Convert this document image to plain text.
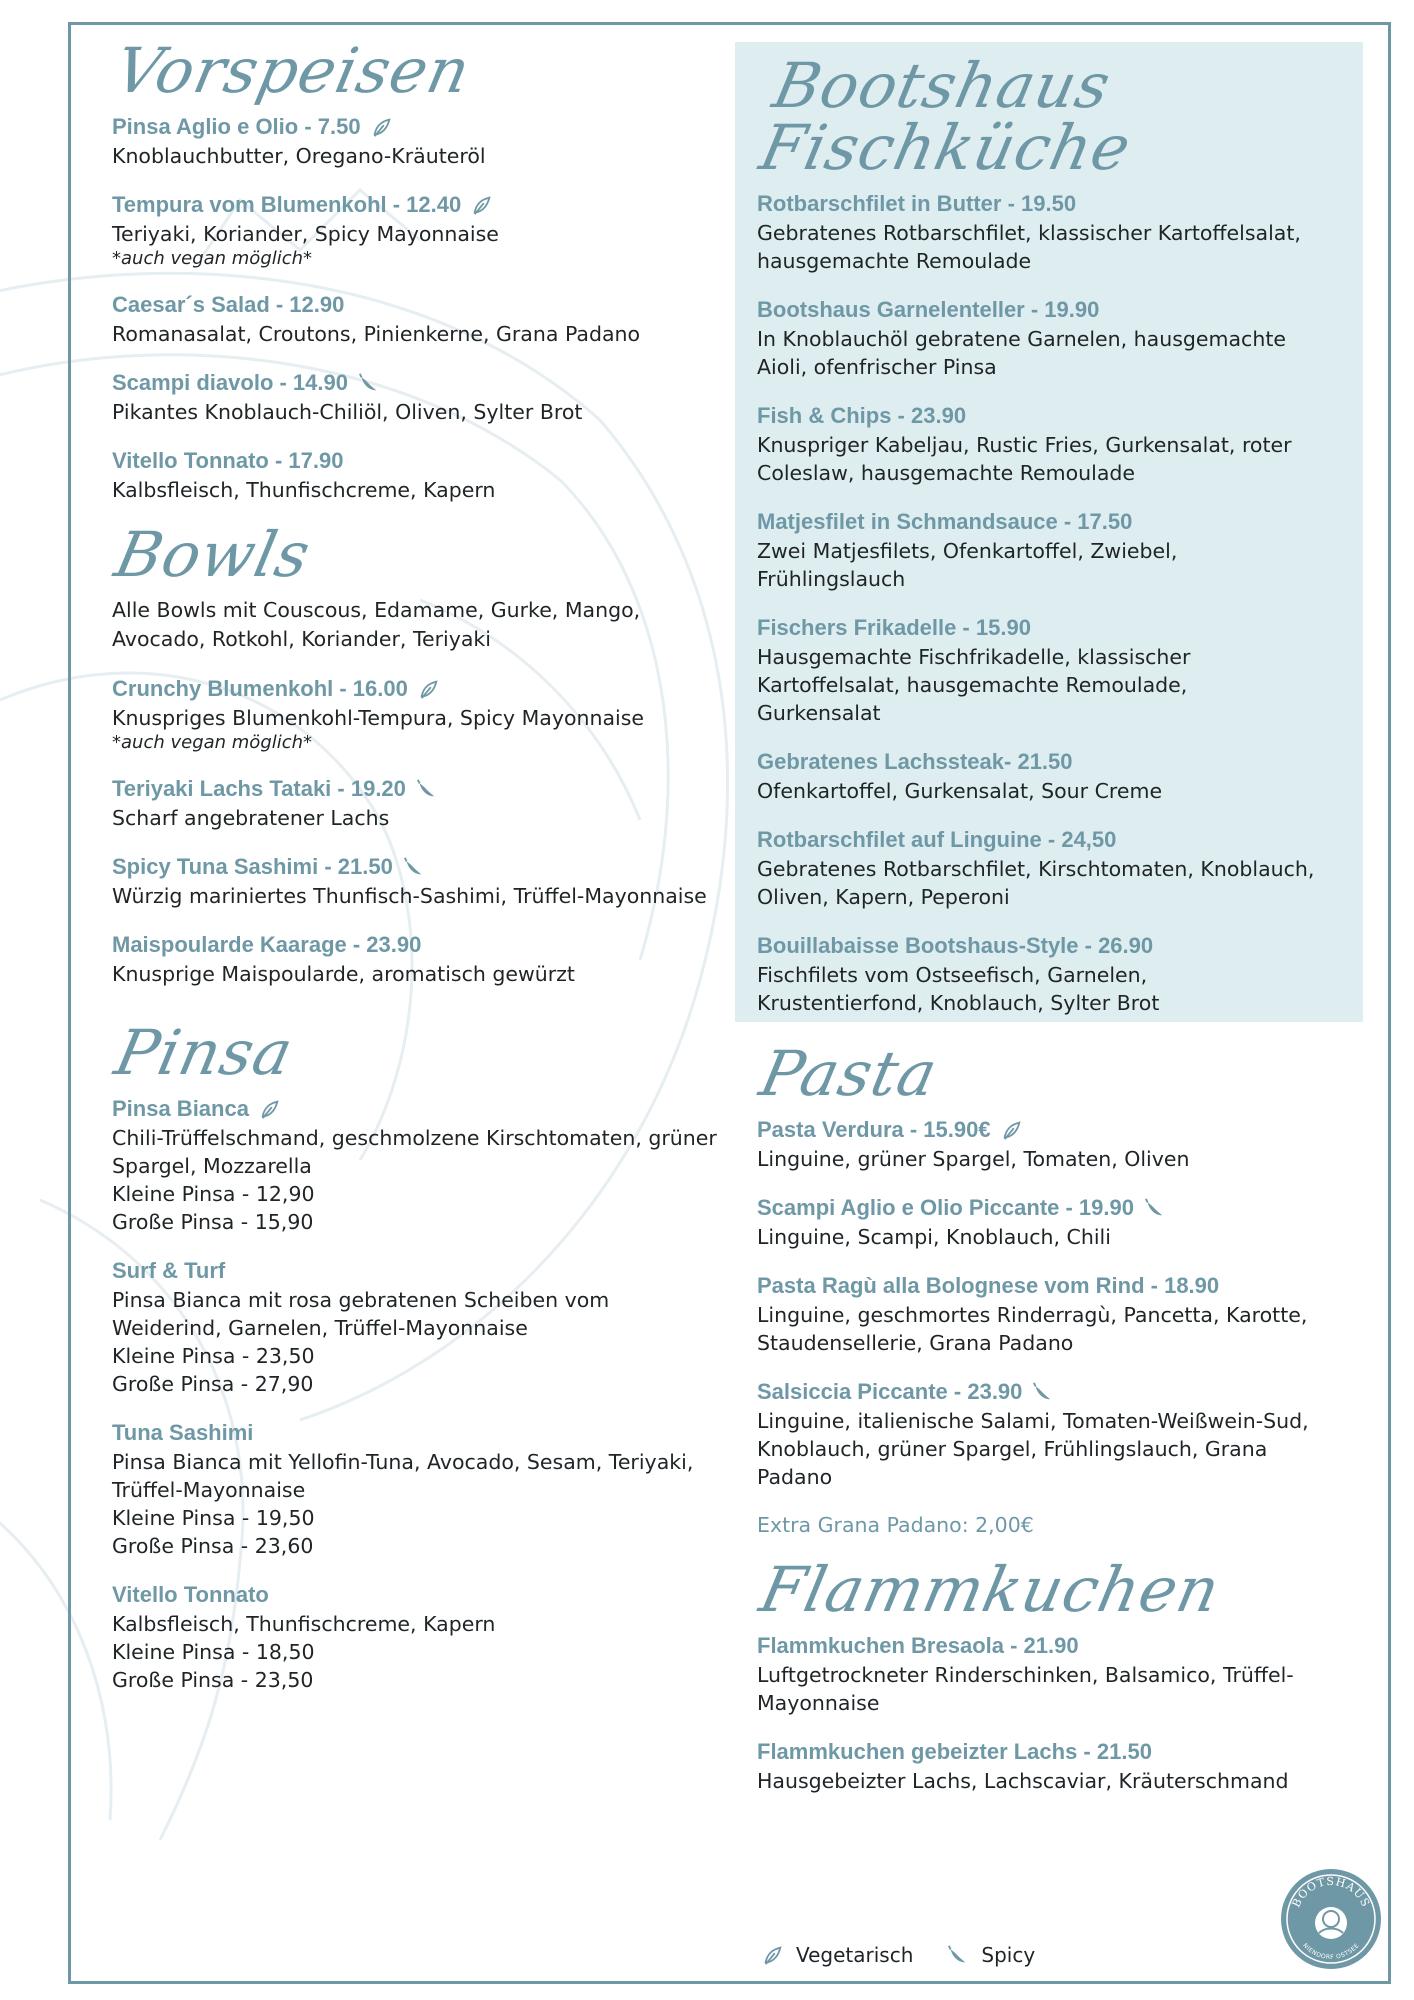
Vorspeisen
Pinsa Aglio e Olio - 7.50
Knoblauchbutter, Oregano-Kräuteröl
Tempura vom Blumenkohl - 12.40
Teriyaki, Koriander, Spicy Mayonnaise
*auch vegan möglich*
Caesar´s Salad - 12.90
Romanasalat, Croutons, Pinienkerne, Grana Padano
Scampi diavolo - 14.90
Pikantes Knoblauch-Chiliöl, Oliven, Sylter Brot
Vitello Tonnato - 17.90
Kalbsfleisch, Thunfischcreme, Kapern
Bowls
Alle Bowls mit Couscous, Edamame, Gurke, Mango, Avocado, Rotkohl, Koriander, Teriyaki
Crunchy Blumenkohl - 16.00
Knuspriges Blumenkohl-Tempura, Spicy Mayonnaise
*auch vegan möglich*
Teriyaki Lachs Tataki - 19.20
Scharf angebratener Lachs
Spicy Tuna Sashimi - 21.50
Würzig mariniertes Thunfisch-Sashimi, Trüffel-Mayonnaise
Maispoularde Kaarage - 23.90
Knusprige Maispoularde, aromatisch gewürzt
Pinsa
Pinsa Bianca
Chili-Trüffelschmand, geschmolzene Kirschtomaten, grüner Spargel, Mozzarella
Kleine Pinsa - 12,90
Große Pinsa - 15,90
Surf & Turf
Pinsa Bianca mit rosa gebratenen Scheiben vom Weiderind, Garnelen, Trüffel-Mayonnaise
Kleine Pinsa - 23,50
Große Pinsa - 27,90
Tuna Sashimi
Pinsa Bianca mit Yellofin-Tuna, Avocado, Sesam, Teriyaki, Trüffel-Mayonnaise
Kleine Pinsa - 19,50
Große Pinsa - 23,60
Vitello Tonnato
Kalbsfleisch, Thunfischcreme, Kapern
Kleine Pinsa - 18,50
Große Pinsa - 23,50
Bootshaus Fischküche
Rotbarschfilet in Butter - 19.50
Gebratenes Rotbarschfilet, klassischer Kartoffelsalat, hausgemachte Remoulade
Bootshaus Garnelenteller - 19.90
In Knoblauchöl gebratene Garnelen, hausgemachte Aioli, ofenfrischer Pinsa
Fish & Chips - 23.90
Knuspriger Kabeljau, Rustic Fries, Gurkensalat, roter Coleslaw, hausgemachte Remoulade
Matjesfilet in Schmandsauce - 17.50
Zwei Matjesfilets, Ofenkartoffel, Zwiebel, Frühlingslauch
Fischers Frikadelle - 15.90
Hausgemachte Fischfrikadelle, klassischer Kartoffelsalat, hausgemachte Remoulade, Gurkensalat
Gebratenes Lachssteak- 21.50
Ofenkartoffel, Gurkensalat, Sour Creme
Rotbarschfilet auf Linguine - 24,50
Gebratenes Rotbarschfilet, Kirschtomaten, Knoblauch, Oliven, Kapern, Peperoni
Bouillabaisse Bootshaus-Style - 26.90
Fischfilets vom Ostseefisch, Garnelen, Krustentierfond, Knoblauch, Sylter Brot
Pasta
Pasta Verdura - 15.90€
Linguine, grüner Spargel, Tomaten, Oliven
Scampi Aglio e Olio Piccante - 19.90
Linguine, Scampi, Knoblauch, Chili
Pasta Ragù alla Bolognese vom Rind - 18.90
Linguine, geschmortes Rinderragù, Pancetta, Karotte, Staudensellerie, Grana Padano
Salsiccia Piccante - 23.90
Linguine, italienische Salami, Tomaten-Weißwein-Sud, Knoblauch, grüner Spargel, Frühlingslauch, Grana Padano
Extra Grana Padano: 2,00€
Flammkuchen
Flammkuchen Bresaola - 21.90
Luftgetrockneter Rinderschinken, Balsamico, Trüffel-Mayonnaise
Flammkuchen gebeizter Lachs - 21.50
Hausgebeizter Lachs, Lachscaviar, Kräuterschmand
Vegetarisch	Spicy
BOOTSHAUS
NIENDORF OSTSEE
